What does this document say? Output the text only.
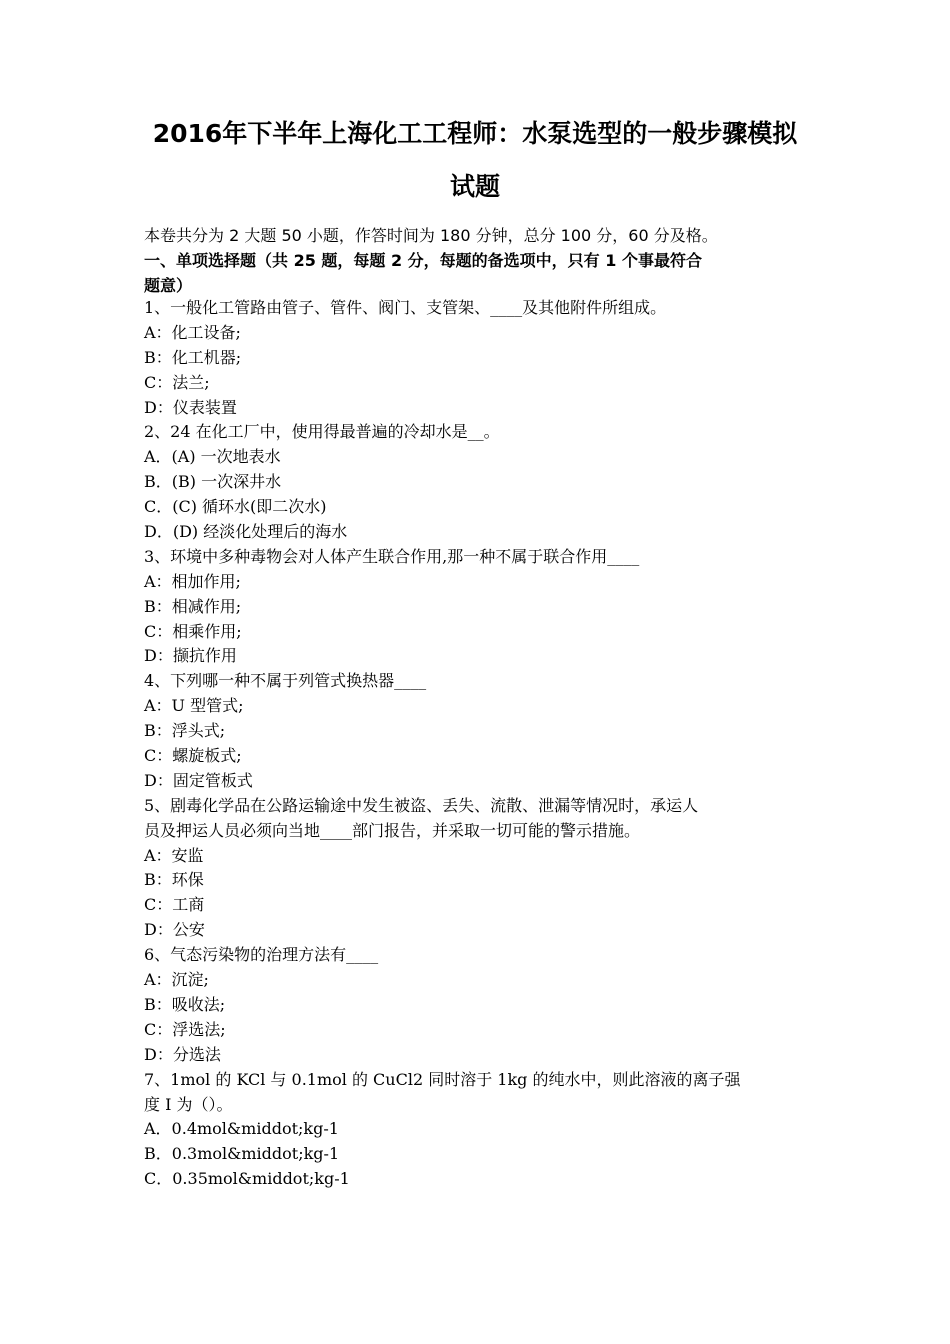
2016年下半年上海化工工程师：水泵选型的一般步骤模拟
试题
本卷共分为 2 大题 50 小题，作答时间为 180 分钟，总分 100 分，60 分及格。
一、单项选择题（共 25 题，每题 2 分，每题的备选项中，只有 1 个事最符合
题意）
1、一般化工管路由管子、管件、阀门、支管架、____及其他附件所组成。
A：化工设备;
B：化工机器;
C：法兰;
D：仪表装置
2、24 在化工厂中，使用得最普遍的冷却水是__。
A．(A) 一次地表水
B．(B) 一次深井水
C．(C) 循环水(即二次水)
D．(D) 经淡化处理后的海水
3、环境中多种毒物会对人体产生联合作用,那一种不属于联合作用____
A：相加作用;
B：相减作用;
C：相乘作用;
D：撷抗作用
4、下列哪一种不属于列管式换热器____
A：U 型管式;
B：浮头式;
C：螺旋板式;
D：固定管板式
5、剧毒化学品在公路运输途中发生被盗、丢失、流散、泄漏等情况时，承运人
员及押运人员必须向当地____部门报告，并采取一切可能的警示措施。
A：安监
B：环保
C：工商
D：公安
6、气态污染物的治理方法有____
A：沉淀;
B：吸收法;
C：浮选法;
D：分选法
7、1mol 的 KCl 与 0.1mol 的 CuCl2 同时溶于 1kg 的纯水中，则此溶液的离子强
度 I 为（）。
A．0.4mol&middot;kg-1
B．0.3mol&middot;kg-1
C．0.35mol&middot;kg-1
